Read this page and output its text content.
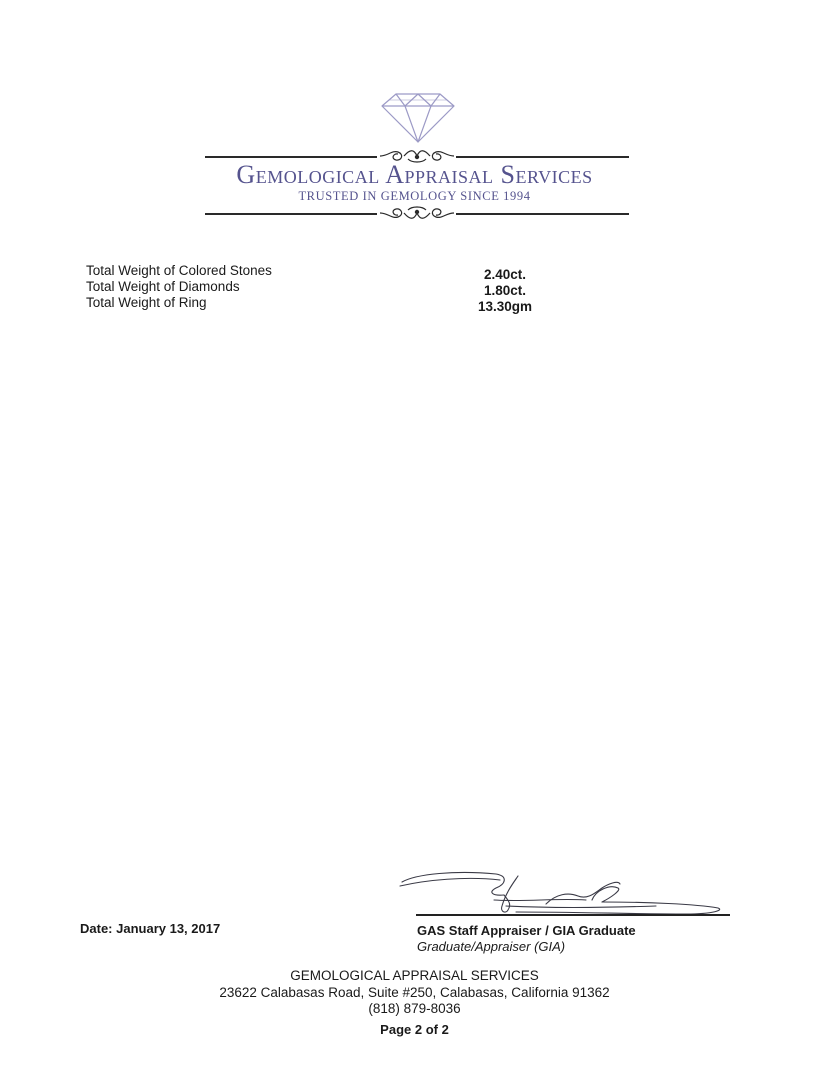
Gemological Appraisal Services
TRUSTED IN GEMOLOGY SINCE 1994
Total Weight of Colored Stones	2.40ct.
Total Weight of Diamonds	1.80ct.
Total Weight of Ring	13.30gm
Date: January 13, 2017	GAS Staff Appraiser / GIA Graduate
Graduate/Appraiser (GIA)
GEMOLOGICAL APPRAISAL SERVICES
23622 Calabasas Road, Suite #250, Calabasas, California 91362
(818) 879-8036
Page 2 of 2
